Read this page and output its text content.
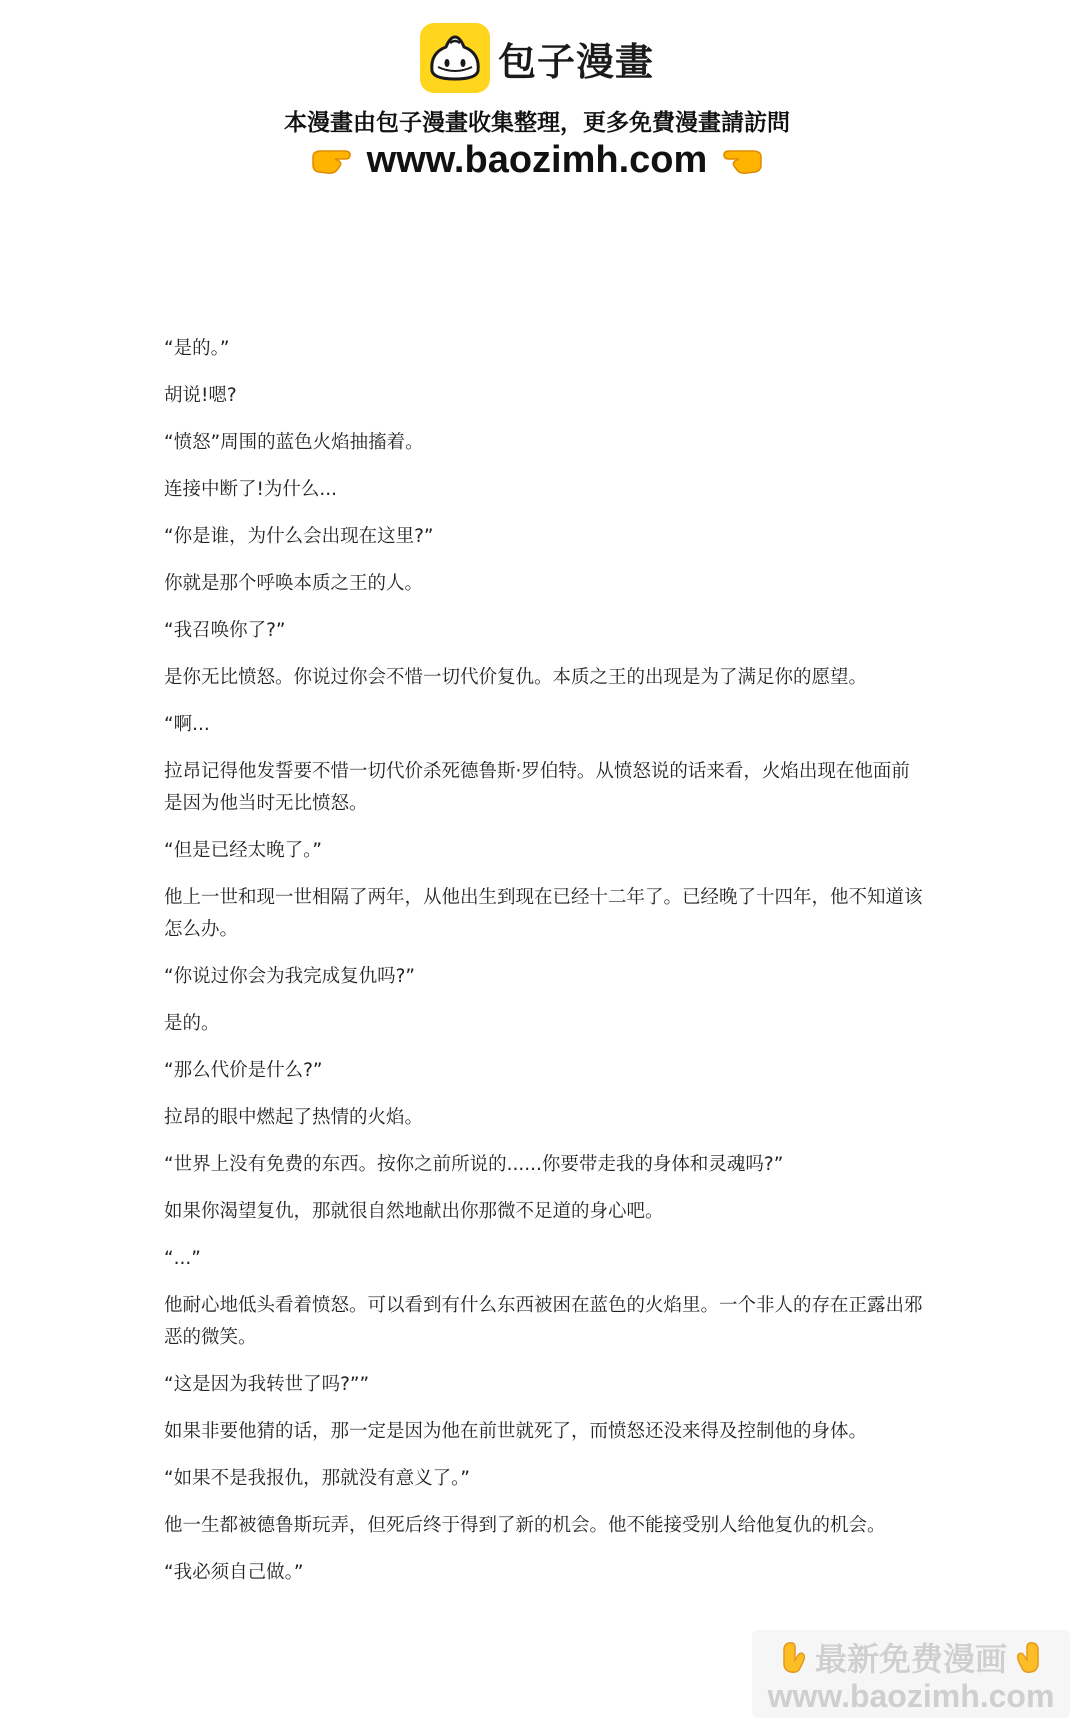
包子漫畫
本漫畫由包子漫畫收集整理，更多免費漫畫請訪問
www.baozimh.com

“是的。”

胡说!嗯?

“愤怒”周围的蓝色火焰抽搐着。

连接中断了!为什么...

“你是谁，为什么会出现在这里?”

你就是那个呼唤本质之王的人。

“我召唤你了?”

是你无比愤怒。你说过你会不惜一切代价复仇。本质之王的出现是为了满足你的愿望。

“啊...

拉昂记得他发誓要不惜一切代价杀死德鲁斯·罗伯特。从愤怒说的话来看，火焰出现在他面前是因为他当时无比愤怒。

“但是已经太晚了。”

他上一世和现一世相隔了两年，从他出生到现在已经十二年了。已经晚了十四年，他不知道该怎么办。

“你说过你会为我完成复仇吗?”

是的。

“那么代价是什么?”

拉昂的眼中燃起了热情的火焰。

“世界上没有免费的东西。按你之前所说的......你要带走我的身体和灵魂吗?”

如果你渴望复仇，那就很自然地献出你那微不足道的身心吧。

“...”

他耐心地低头看着愤怒。可以看到有什么东西被困在蓝色的火焰里。一个非人的存在正露出邪恶的微笑。

“这是因为我转世了吗?””

如果非要他猜的话，那一定是因为他在前世就死了，而愤怒还没来得及控制他的身体。

“如果不是我报仇，那就没有意义了。”

他一生都被德鲁斯玩弄，但死后终于得到了新的机会。他不能接受别人给他复仇的机会。

“我必须自己做。”

最新免费漫画
www.baozimh.com
